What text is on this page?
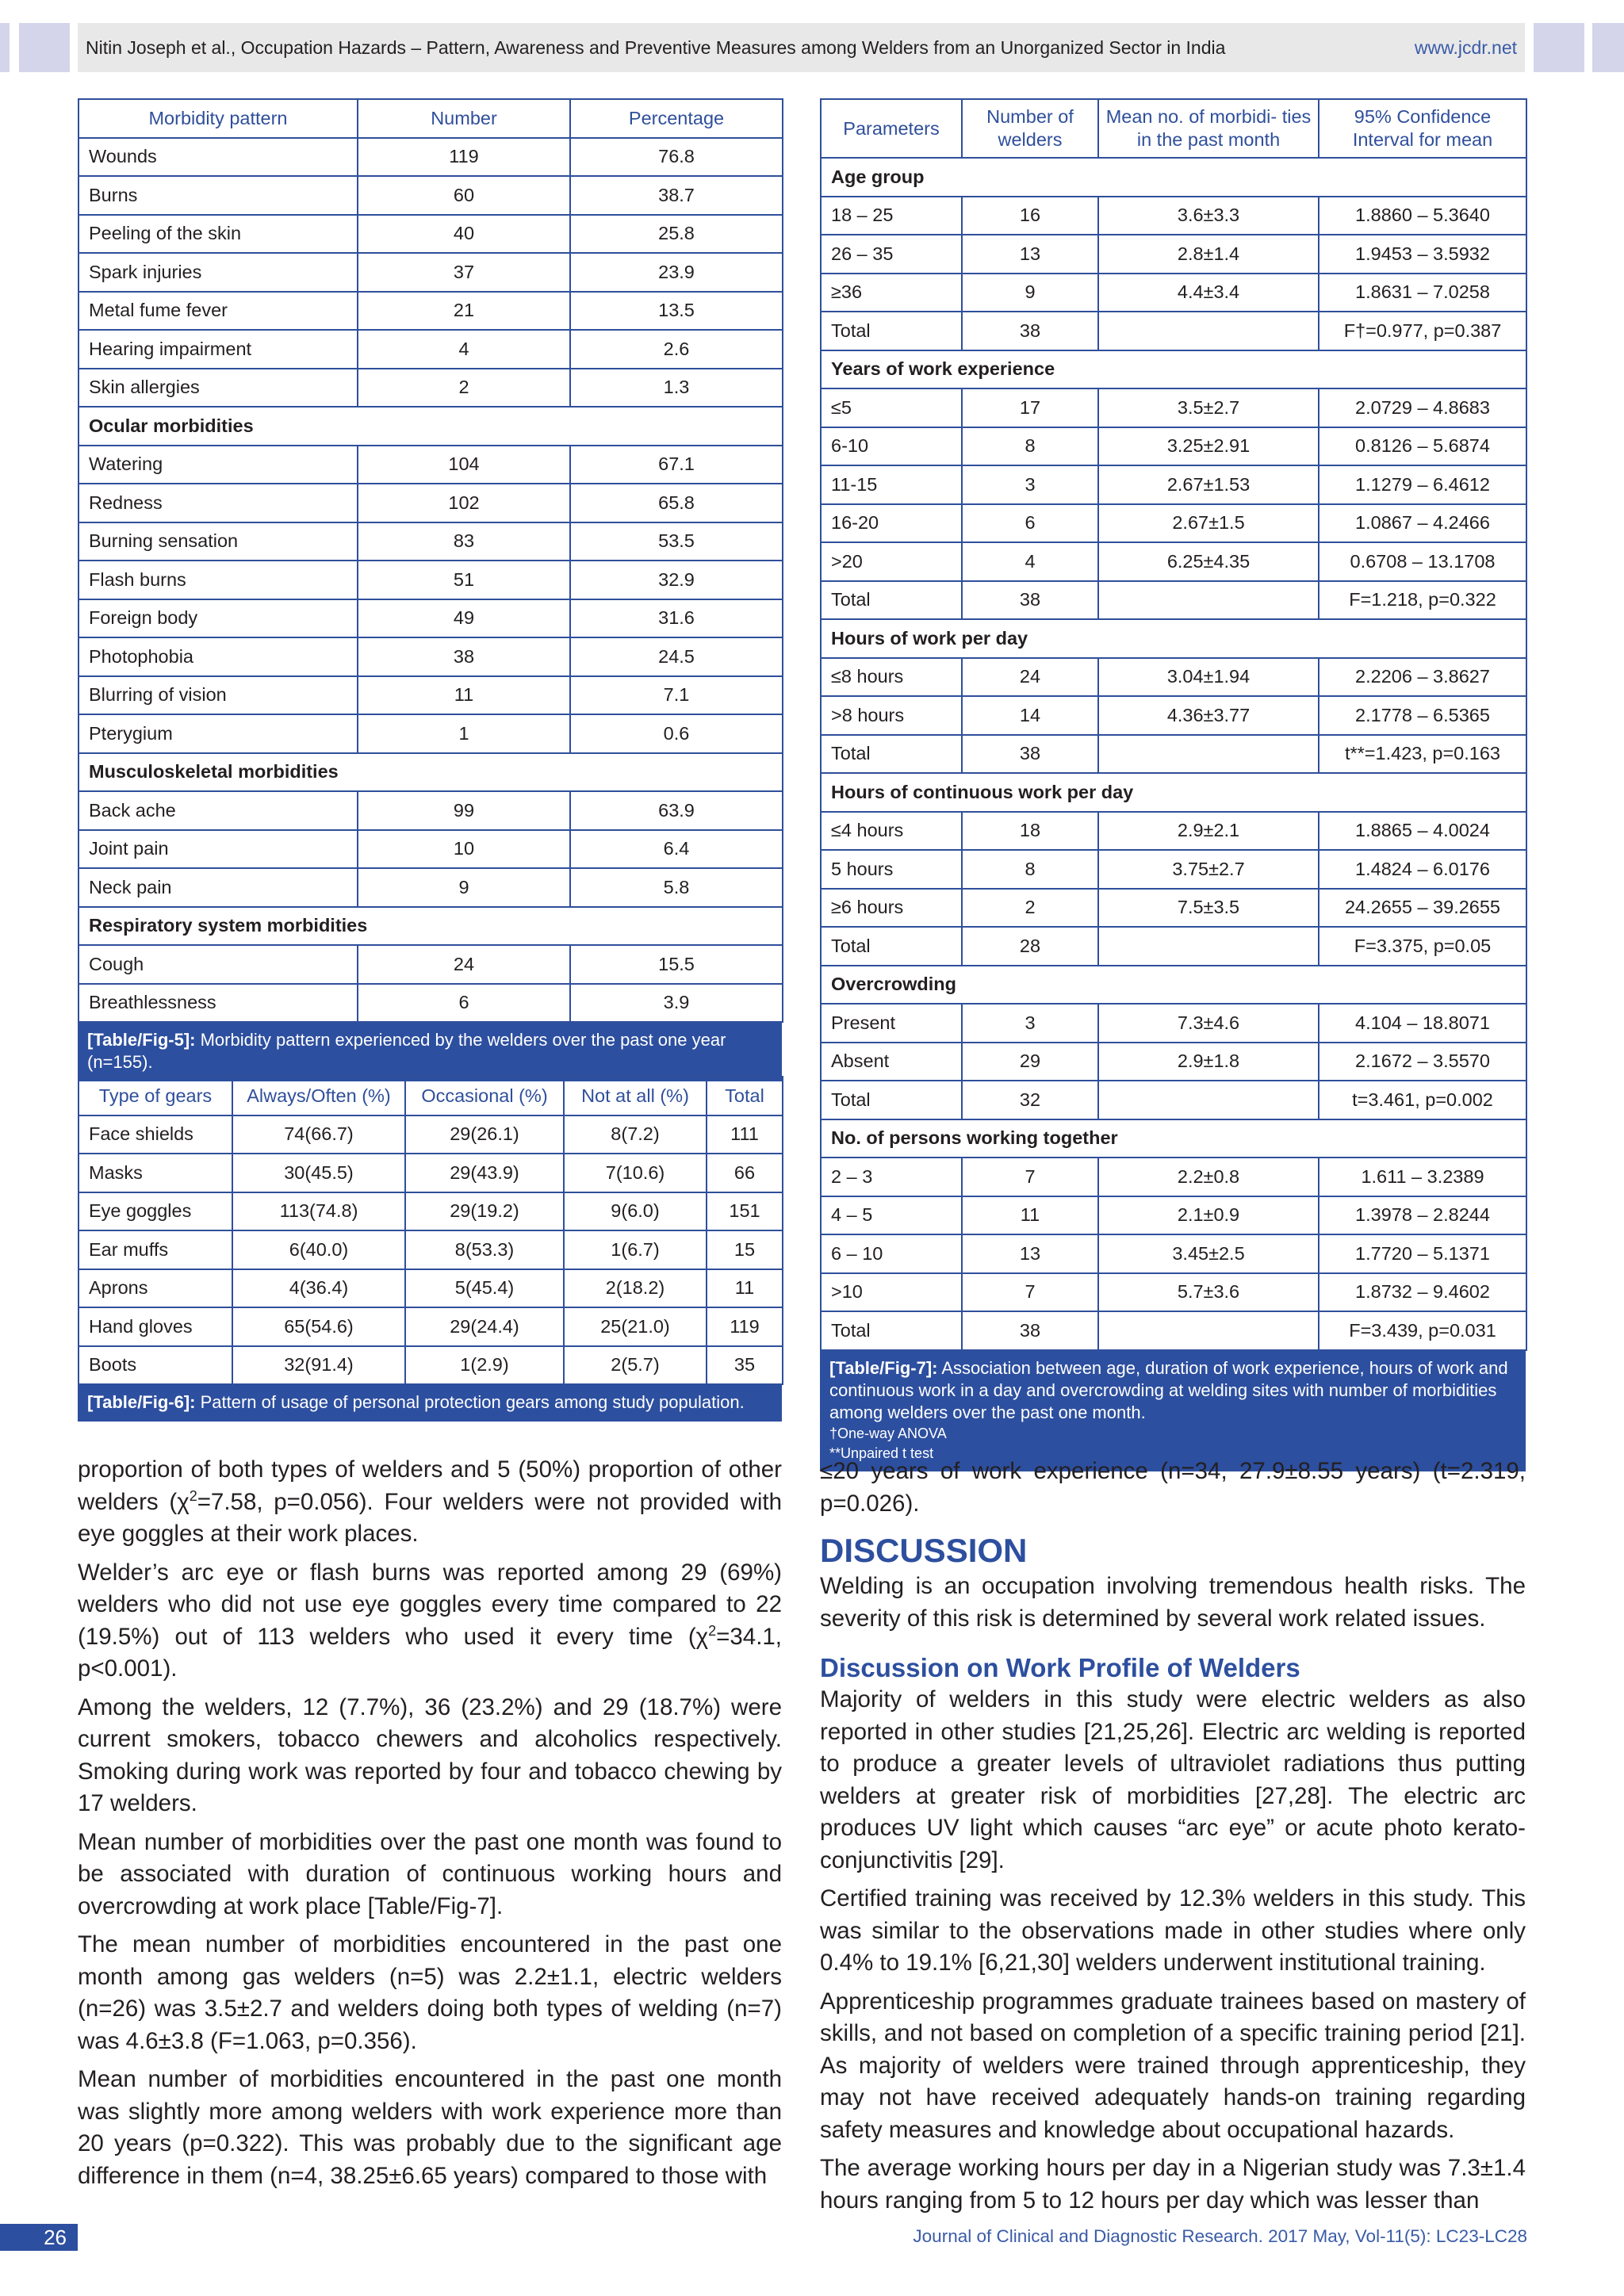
Nitin Joseph et al., Occupation Hazards – Pattern, Awareness and Preventive Measures among Welders from an Unorganized Sector in India	www.jcdr.net
Morbidity pattern	Number	Percentage
Wounds	119	76.8
Burns	60	38.7
Peeling of the skin	40	25.8
Spark injuries	37	23.9
Metal fume fever	21	13.5
Hearing impairment	4	2.6
Skin allergies	2	1.3
Ocular morbidities		
Watering	104	67.1
Redness	102	65.8
Burning sensation	83	53.5
Flash burns	51	32.9
Foreign body	49	31.6
Photophobia	38	24.5
Blurring of vision	11	7.1
Pterygium	1	0.6
Musculoskeletal morbidities		
Back ache	99	63.9
Joint pain	10	6.4
Neck pain	9	5.8
Respiratory system morbidities		
Cough	24	15.5
Breathlessness	6	3.9
[Table/Fig-5]: Morbidity pattern experienced by the welders over the past one year (n=155).
Type of gears	Always/Often (%)	Occasional (%)	Not at all (%)	Total
Face shields	74(66.7)	29(26.1)	8(7.2)	111
Masks	30(45.5)	29(43.9)	7(10.6)	66
Eye goggles	113(74.8)	29(19.2)	9(6.0)	151
Ear muffs	6(40.0)	8(53.3)	1(6.7)	15
Aprons	4(36.4)	5(45.4)	2(18.2)	11
Hand gloves	65(54.6)	29(24.4)	25(21.0)	119
Boots	32(91.4)	1(2.9)	2(5.7)	35
[Table/Fig-6]: Pattern of usage of personal protection gears among study population.
Parameters	Number of welders	Mean no. of morbidi- ties in the past month	95% Confidence Interval for mean
Age group			
18 – 25	16	3.6±3.3	1.8860 – 5.3640
26 – 35	13	2.8±1.4	1.9453 – 3.5932
≥36	9	4.4±3.4	1.8631 – 7.0258
Total	38		F†=0.977, p=0.387
Years of work experience			
≤5	17	3.5±2.7	2.0729 – 4.8683
6-10	8	3.25±2.91	0.8126 – 5.6874
11-15	3	2.67±1.53	1.1279 – 6.4612
16-20	6	2.67±1.5	1.0867 – 4.2466
>20	4	6.25±4.35	0.6708 – 13.1708
Total	38		F=1.218, p=0.322
Hours of work per day			
≤8 hours	24	3.04±1.94	2.2206 – 3.8627
>8 hours	14	4.36±3.77	2.1778 – 6.5365
Total	38		t**=1.423, p=0.163
Hours of continuous work per day			
≤4 hours	18	2.9±2.1	1.8865 – 4.0024
5 hours	8	3.75±2.7	1.4824 – 6.0176
≥6 hours	2	7.5±3.5	24.2655 – 39.2655
Total	28		F=3.375, p=0.05
Overcrowding			
Present	3	7.3±4.6	4.104 – 18.8071
Absent	29	2.9±1.8	2.1672 – 3.5570
Total	32		t=3.461, p=0.002
No. of persons working together			
2 – 3	7	2.2±0.8	1.611 – 3.2389
4 – 5	11	2.1±0.9	1.3978 – 2.8244
6 – 10	13	3.45±2.5	1.7720 – 5.1371
>10	7	5.7±3.6	1.8732 – 9.4602
Total	38		F=3.439, p=0.031
[Table/Fig-7]: Association between age, duration of work experience, hours of work and continuous work in a day and overcrowding at welding sites with number of morbidities among welders over the past one month.
†One-way ANOVA
**Unpaired t test

proportion of both types of welders and 5 (50%) proportion of other welders ($\chi^2=7.58$, p=0.056). Four welders were not provided with eye goggles at their work places.

Welder’s arc eye or flash burns was reported among 29 (69%) welders who did not use eye goggles every time compared to 22 (19.5%) out of 113 welders who used it every time ($\chi^2=34.1$, p<0.001).

Among the welders, 12 (7.7%), 36 (23.2%) and 29 (18.7%) were current smokers, tobacco chewers and alcoholics respectively. Smoking during work was reported by four and tobacco chewing by 17 welders.

Mean number of morbidities over the past one month was found to be associated with duration of continuous working hours and overcrowding at work place [Table/Fig-7].

The mean number of morbidities encountered in the past one month among gas welders (n=5) was 2.2±1.1, electric welders (n=26) was 3.5±2.7 and welders doing both types of welding (n=7) was 4.6±3.8 (F=1.063, p=0.356).

Mean number of morbidities encountered in the past one month was slightly more among welders with work experience more than 20 years (p=0.322). This was probably due to the significant age difference in them (n=4, 38.25±6.65 years) compared to those with

≤20 years of work experience (n=34, 27.9±8.55 years) (t=2.319, p=0.026).

DISCUSSION

Welding is an occupation involving tremendous health risks. The severity of this risk is determined by several work related issues.

Discussion on Work Profile of Welders

Majority of welders in this study were electric welders as also reported in other studies [21,25,26]. Electric arc welding is reported to produce a greater levels of ultraviolet radiations thus putting welders at greater risk of morbidities [27,28]. The electric arc produces UV light which causes “arc eye” or acute photo kerato-conjunctivitis [29].

Certified training was received by 12.3% welders in this study. This was similar to the observations made in other studies where only 0.4% to 19.1% [6,21,30] welders underwent institutional training.

Apprenticeship programmes graduate trainees based on mastery of skills, and not based on completion of a specific training period [21]. As majority of welders were trained through apprenticeship, they may not have received adequately hands-on training regarding safety measures and knowledge about occupational hazards.

The average working hours per day in a Nigerian study was 7.3±1.4 hours ranging from 5 to 12 hours per day which was lesser than

26	Journal of Clinical and Diagnostic Research. 2017 May, Vol-11(5): LC23-LC28
